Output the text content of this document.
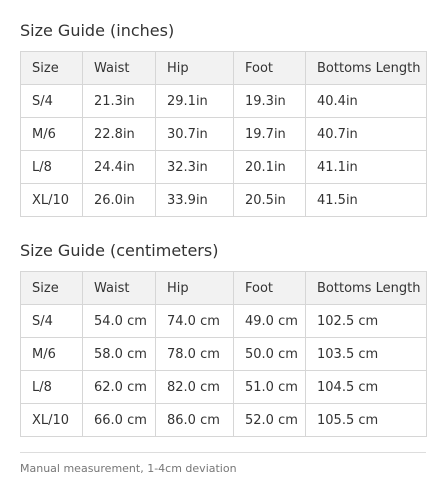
Size Guide (inches)
Size	Waist	Hip	Foot	Bottoms Length
S/4	21.3in	29.1in	19.3in	40.4in
M/6	22.8in	30.7in	19.7in	40.7in
L/8	24.4in	32.3in	20.1in	41.1in
XL/10	26.0in	33.9in	20.5in	41.5in
Size Guide (centimeters)
Size	Waist	Hip	Foot	Bottoms Length
S/4	54.0 cm	74.0 cm	49.0 cm	102.5 cm
M/6	58.0 cm	78.0 cm	50.0 cm	103.5 cm
L/8	62.0 cm	82.0 cm	51.0 cm	104.5 cm
XL/10	66.0 cm	86.0 cm	52.0 cm	105.5 cm
Manual measurement, 1-4cm deviation
